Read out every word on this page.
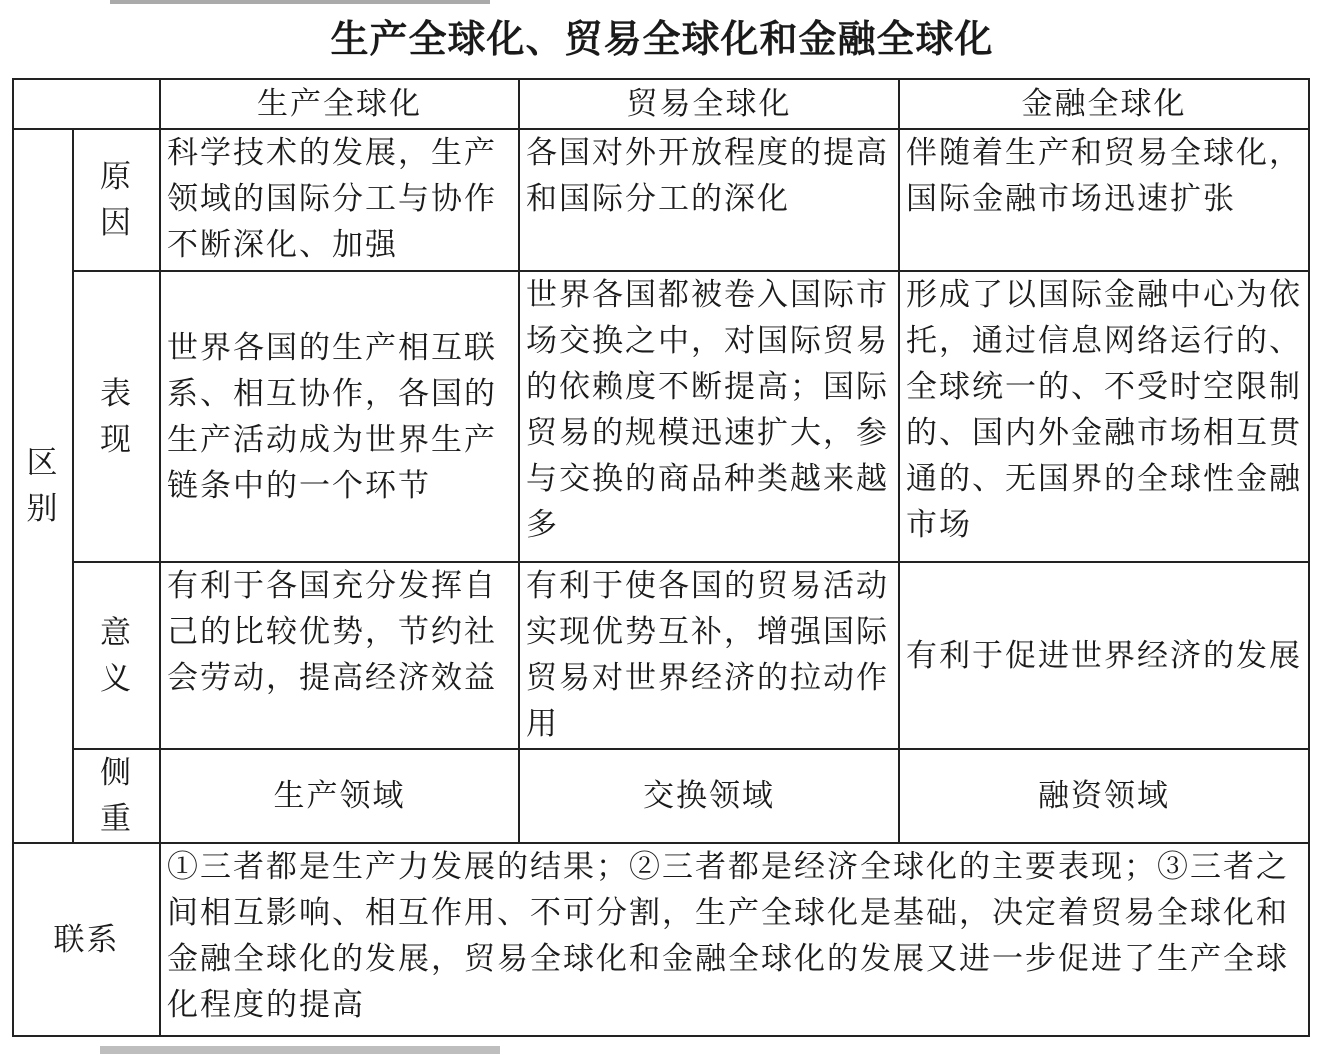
生产全球化、贸易全球化和金融全球化
		生产全球化	贸易全球化	金融全球化

区别	原因	科学技术的发展，生产领域的国际分工与协作不断深化、加强	各国对外开放程度的提高和国际分工的深化	伴随着生产和贸易全球化，国际金融市场迅速扩张

	表现	世界各国的生产相互联系、相互协作，各国的生产活动成为世界生产链条中的一个环节	世界各国都被卷入国际市场交换之中，对国际贸易的依赖度不断提高；国际贸易的规模迅速扩大，参与交换的商品种类越来越多	形成了以国际金融中心为依托，通过信息网络运行的、全球统一的、不受时空限制的、国内外金融市场相互贯通的、无国界的全球性金融市场

	意义	有利于各国充分发挥自己的比较优势，节约社会劳动，提高经济效益	有利于使各国的贸易活动实现优势互补，增强国际贸易对世界经济的拉动作用	有利于促进世界经济的发展

	侧重	生产领域	交换领域	融资领域
联系		①三者都是生产力发展的结果；②三者都是经济全球化的主要表现；③三者之间相互影响、相互作用、不可分割，生产全球化是基础，决定着贸易全球化和金融全球化的发展，贸易全球化和金融全球化的发展又进一步促进了生产全球化程度的提高		
